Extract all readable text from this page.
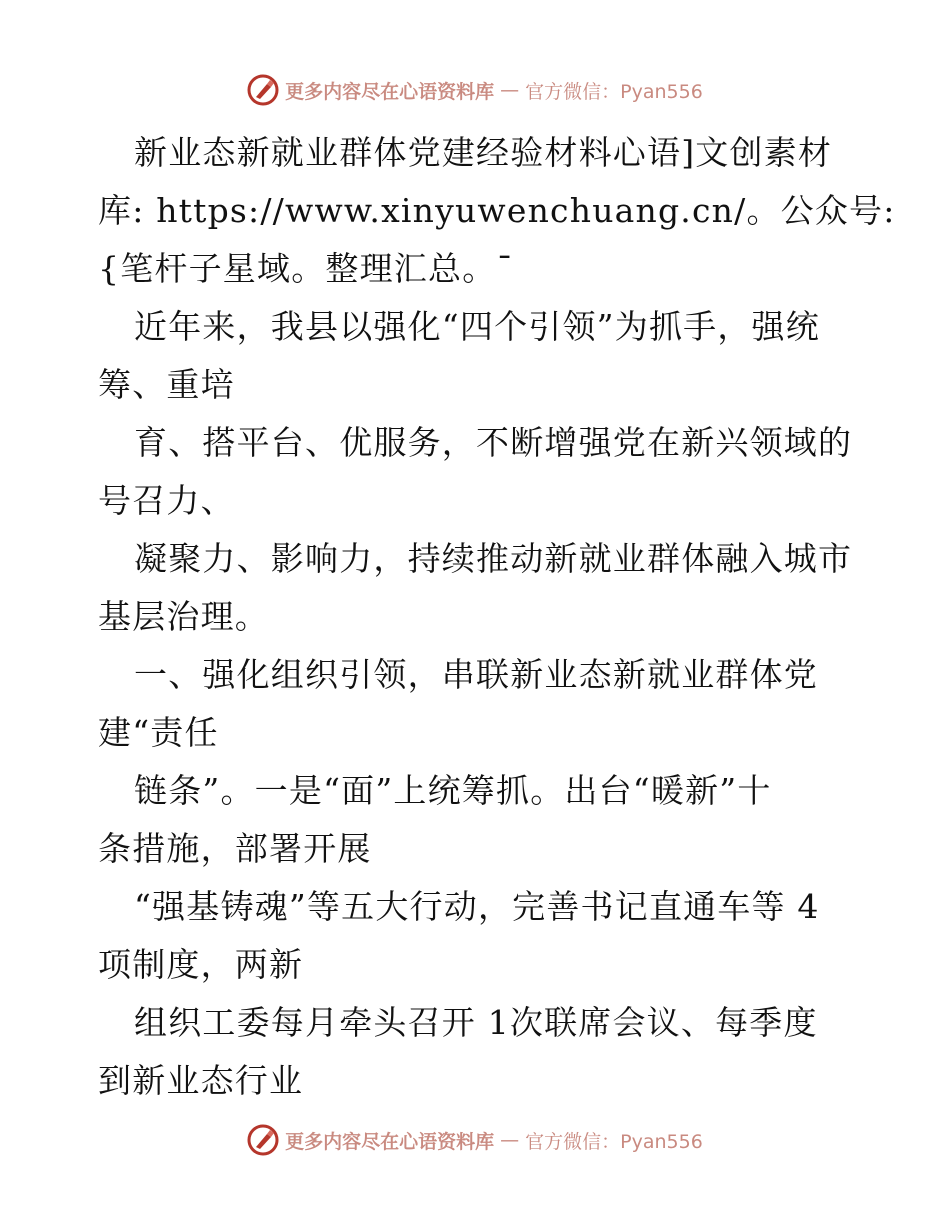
更多内容尽在心语资料库 — 官方微信：Pyan556
新业态新就业群体党建经验材料心语]文创素材
库: https://www.xinyuwenchuang.cn/。公众号:
{笔杆子星域。整理汇总。¯
近年来，我县以强化“四个引领”为抓手，强统
筹、重培
育、搭平台、优服务，不断增强党在新兴领域的
号召力、
凝聚力、影响力，持续推动新就业群体融入城市
基层治理。
一、强化组织引领，串联新业态新就业群体党
建“责任
链条”。一是“面”上统筹抓。出台“暖新”十
条措施，部署开展
“强基铸魂”等五大行动，完善书记直通车等 4
项制度，两新
组织工委每月牵头召开 1次联席会议、每季度
到新业态行业
更多内容尽在心语资料库 — 官方微信：Pyan556
